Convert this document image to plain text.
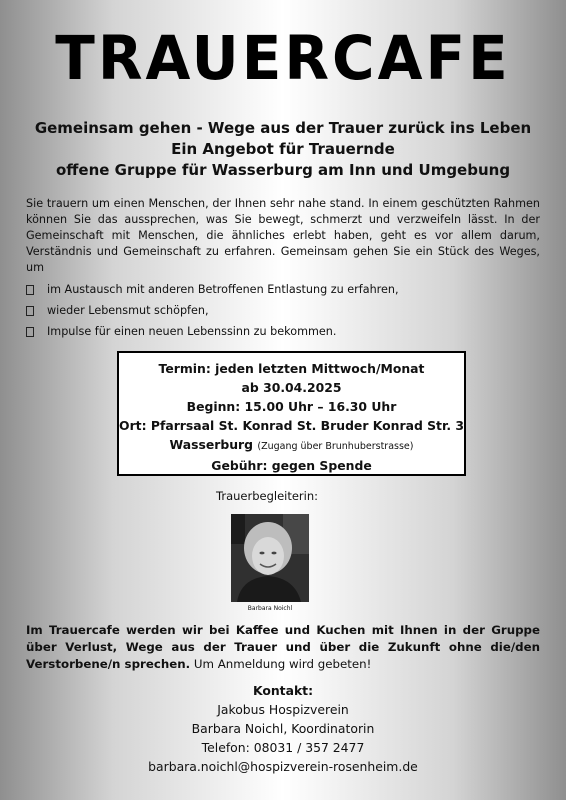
TRAUERCAFE
Gemeinsam gehen - Wege aus der Trauer zurück ins Leben
Ein Angebot für Trauernde
offene Gruppe für Wasserburg am Inn und Umgebung
Sie trauern um einen Menschen, der Ihnen sehr nahe stand. In einem geschützten Rahmen können Sie das aussprechen, was Sie bewegt, schmerzt und verzweifeln lässt. In der Gemeinschaft mit Menschen, die ähnliches erlebt haben, geht es vor allem darum, Verständnis und Gemeinschaft zu erfahren. Gemeinsam gehen Sie ein Stück des Weges, um
im Austausch mit anderen Betroffenen Entlastung zu erfahren,
wieder Lebensmut schöpfen,
Impulse für einen neuen Lebenssinn zu bekommen.
Termin: jeden letzten Mittwoch/Monat
ab 30.04.2025
Beginn: 15.00 Uhr – 16.30 Uhr
Ort: Pfarrsaal St. Konrad St. Bruder Konrad Str. 3
Wasserburg (Zugang über Brunhuberstrasse)
Gebühr: gegen Spende
Trauerbegleiterin:
Barbara Noichl
Im Trauercafe werden wir bei Kaffee und Kuchen mit Ihnen in der Gruppe über Verlust, Wege aus der Trauer und über die Zukunft ohne die/den Verstorbene/n sprechen. Um Anmeldung wird gebeten!
Kontakt:
Jakobus Hospizverein
Barbara Noichl, Koordinatorin
Telefon: 08031 / 357 2477
barbara.noichl@hospizverein-rosenheim.de
